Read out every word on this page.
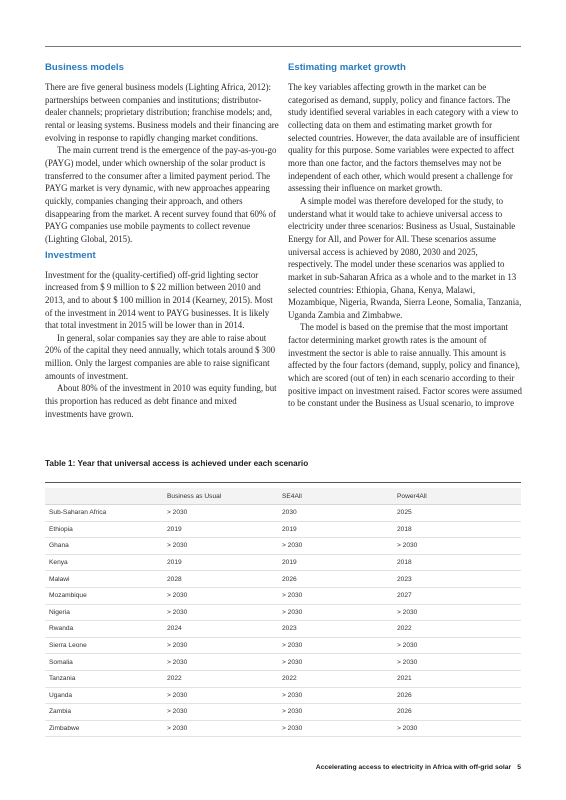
Business models

There are five general business models (Lighting Africa, 2012): partnerships between companies and institutions; distributor-dealer channels; proprietary distribution; franchise models; and, rental or leasing systems. Business models and their financing are evolving in response to rapidly changing market conditions.

The main current trend is the emergence of the pay-as-you-go (PAYG) model, under which ownership of the solar product is transferred to the consumer after a limited payment period. The PAYG market is very dynamic, with new approaches appearing quickly, companies changing their approach, and others disappearing from the market. A recent survey found that 60% of PAYG companies use mobile payments to collect revenue (Lighting Global, 2015).

Investment

Investment for the (quality-certified) off-grid lighting sector increased from $ 9 million to $ 22 million between 2010 and 2013, and to about $ 100 million in 2014 (Kearney, 2015). Most of the investment in 2014 went to PAYG businesses. It is likely that total investment in 2015 will be lower than in 2014.

In general, solar companies say they are able to raise about 20% of the capital they need annually, which totals around $ 300 million. Only the largest companies are able to raise significant amounts of investment.

About 80% of the investment in 2010 was equity funding, but this proportion has reduced as debt finance and mixed investments have grown.

Estimating market growth

The key variables affecting growth in the market can be categorised as demand, supply, policy and finance factors. The study identified several variables in each category with a view to collecting data on them and estimating market growth for selected countries. However, the data available are of insufficient quality for this purpose. Some variables were expected to affect more than one factor, and the factors themselves may not be independent of each other, which would present a challenge for assessing their influence on market growth.

A simple model was therefore developed for the study, to understand what it would take to achieve universal access to electricity under three scenarios: Business as Usual, Sustainable Energy for All, and Power for All. These scenarios assume universal access is achieved by 2080, 2030 and 2025, respectively. The model under these scenarios was applied to market in sub-Saharan Africa as a whole and to the market in 13 selected countries: Ethiopia, Ghana, Kenya, Malawi, Mozambique, Nigeria, Rwanda, Sierra Leone, Somalia, Tanzania, Uganda Zambia and Zimbabwe.

The model is based on the premise that the most important factor determining market growth rates is the amount of investment the sector is able to raise annually. This amount is affected by the four factors (demand, supply, policy and finance), which are scored (out of ten) in each scenario according to their positive impact on investment raised. Factor scores were assumed to be constant under the Business as Usual scenario, to improve

Table 1: Year that universal access is achieved under each scenario
	Business as Usual	SE4All	Power4All
Sub-Saharan Africa	> 2030	2030	2025
Ethiopia	2019	2019	2018
Ghana	> 2030	> 2030	> 2030
Kenya	2019	2019	2018
Malawi	2028	2026	2023
Mozambique	> 2030	> 2030	2027
Nigeria	> 2030	> 2030	> 2030
Rwanda	2024	2023	2022
Sierra Leone	> 2030	> 2030	> 2030
Somalia	> 2030	> 2030	> 2030
Tanzania	2022	2022	2021
Uganda	> 2030	> 2030	2026
Zambia	> 2030	> 2030	2026
Zimbabwe	> 2030	> 2030	> 2030
Accelerating access to electricity in Africa with off-grid solar 5
